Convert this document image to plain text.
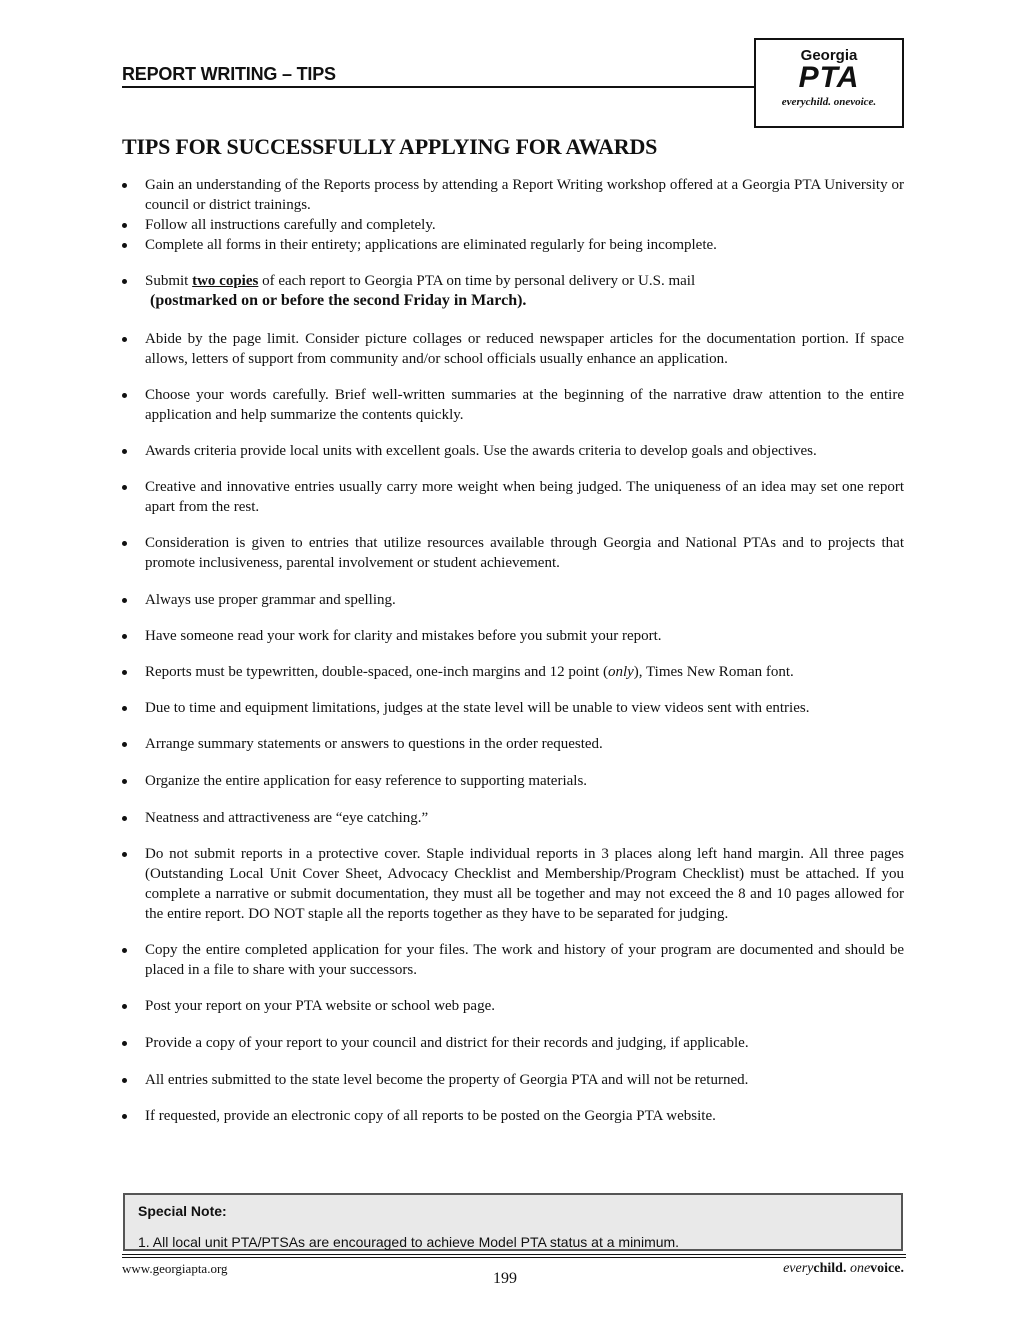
REPORT WRITING – TIPS
Georgia
PTA
everychild. onevoice.
TIPS FOR SUCCESSFULLY APPLYING FOR AWARDS
Gain an understanding of the Reports process by attending a Report Writing workshop offered at a Georgia PTA University or council or district trainings.
Follow all instructions carefully and completely.
Complete all forms in their entirety; applications are eliminated regularly for being incomplete.
Submit two copies of each report to Georgia PTA on time by personal delivery or U.S. mail
(postmarked on or before the second Friday in March).
Abide by the page limit. Consider picture collages or reduced newspaper articles for the documentation portion. If space allows, letters of support from community and/or school officials usually enhance an application.
Choose your words carefully. Brief well-written summaries at the beginning of the narrative draw attention to the entire application and help summarize the contents quickly.
Awards criteria provide local units with excellent goals. Use the awards criteria to develop goals and objectives.
Creative and innovative entries usually carry more weight when being judged. The uniqueness of an idea may set one report apart from the rest.
Consideration is given to entries that utilize resources available through Georgia and National PTAs and to projects that promote inclusiveness, parental involvement or student achievement.
Always use proper grammar and spelling.
Have someone read your work for clarity and mistakes before you submit your report.
Reports must be typewritten, double-spaced, one-inch margins and 12 point (only), Times New Roman font.
Due to time and equipment limitations, judges at the state level will be unable to view videos sent with entries.
Arrange summary statements or answers to questions in the order requested.
Organize the entire application for easy reference to supporting materials.
Neatness and attractiveness are “eye catching.”
Do not submit reports in a protective cover. Staple individual reports in 3 places along left hand margin. All three pages (Outstanding Local Unit Cover Sheet, Advocacy Checklist and Membership/Program Checklist) must be attached. If you complete a narrative or submit documentation, they must all be together and may not exceed the 8 and 10 pages allowed for the entire report. DO NOT staple all the reports together as they have to be separated for judging.
Copy the entire completed application for your files. The work and history of your program are documented and should be placed in a file to share with your successors.
Post your report on your PTA website or school web page.
Provide a copy of your report to your council and district for their records and judging, if applicable.
All entries submitted to the state level become the property of Georgia PTA and will not be returned.
If requested, provide an electronic copy of all reports to be posted on the Georgia PTA website.
Special Note:
1. All local unit PTA/PTSAs are encouraged to achieve Model PTA status at a minimum.
www.georgiapta.org
199
everychild. onevoice.
